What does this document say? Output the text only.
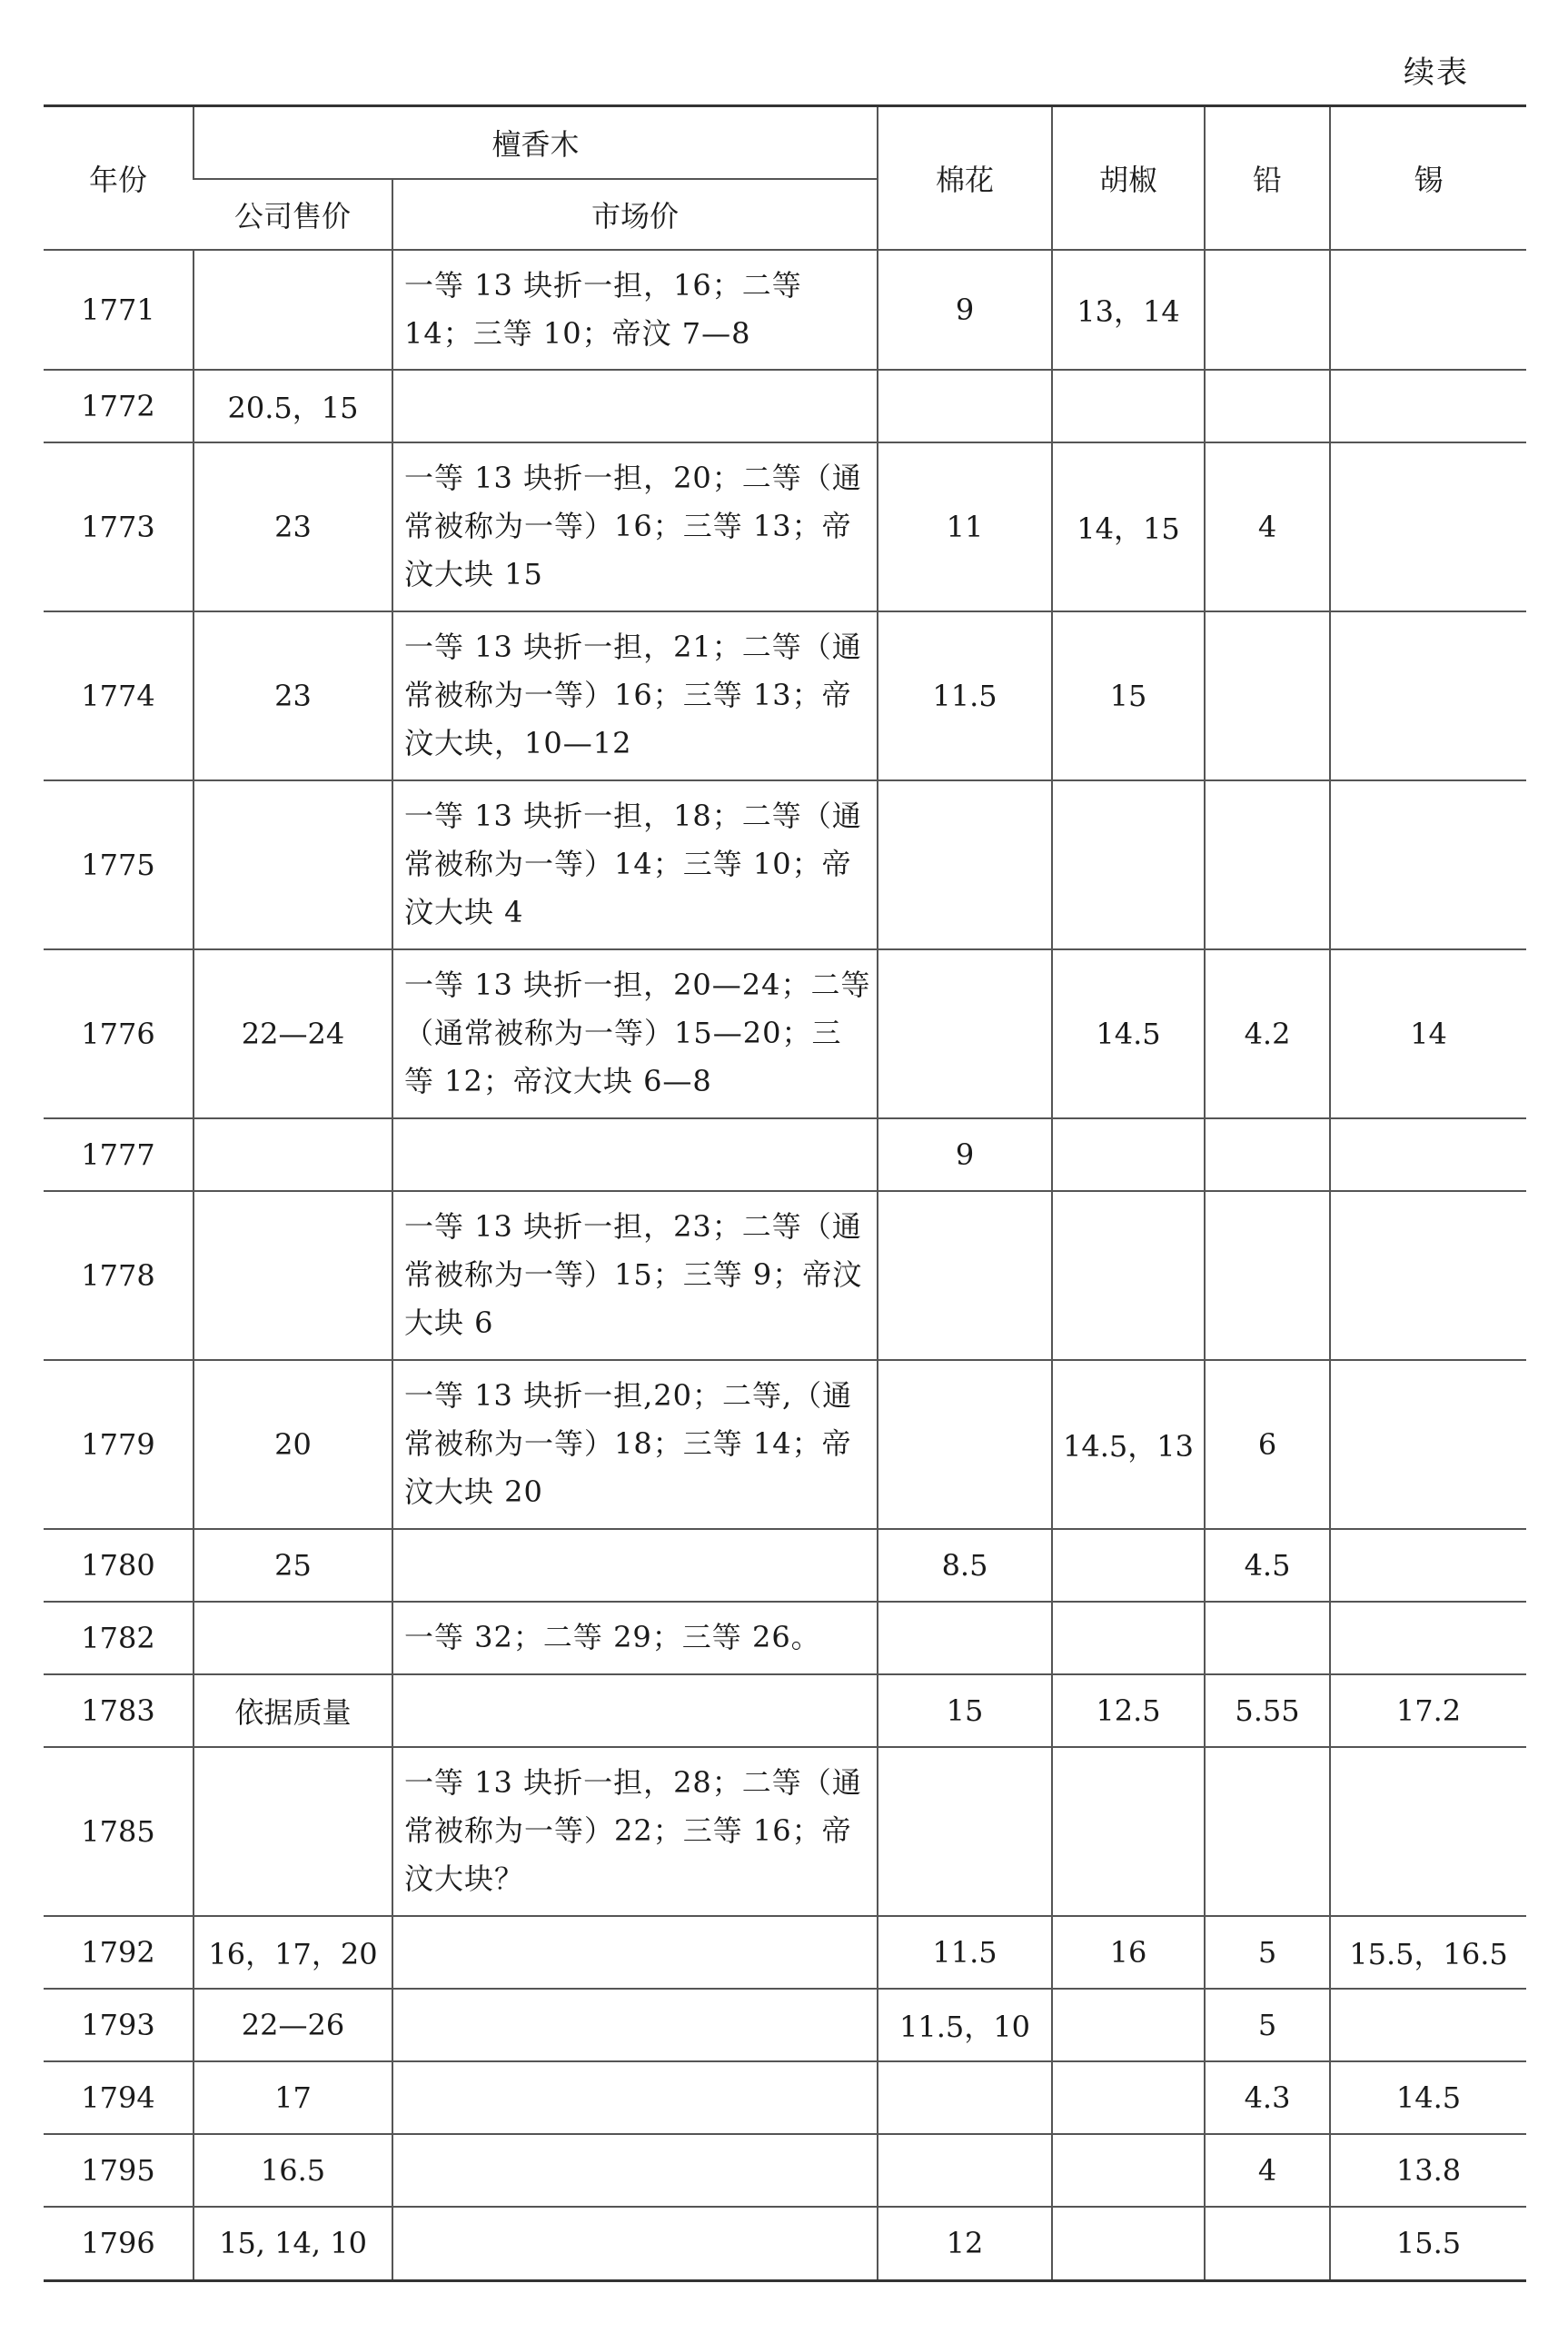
续表
年份	檀香木		棉花	胡椒	铅	锡
	公司售价	市场价				
1771		一等 13 块折一担，16；二等 14；三等 10；帝汶 7—8	9	13，14		
1772	20.5，15					
1773	23	一等 13 块折一担，20；二等（通常被称为一等）16；三等 13；帝汶大块 15	11	14，15	4	
1774	23	一等 13 块折一担，21；二等（通常被称为一等）16；三等 13；帝汶大块，10—12	11.5	15		
1775		一等 13 块折一担，18；二等（通常被称为一等）14；三等 10；帝汶大块 4				
1776	22—24	一等 13 块折一担，20—24；二等（通常被称为一等）15—20；三等 12；帝汶大块 6—8		14.5	4.2	14
1777			9			
1778		一等 13 块折一担，23；二等（通常被称为一等）15；三等 9；帝汶大块 6				
1779	20	一等 13 块折一担,20；二等,（通常被称为一等）18；三等 14；帝汶大块 20		14.5，13	6	
1780	25		8.5		4.5	
1782		一等 32；二等 29；三等 26。				
1783	依据质量		15	12.5	5.55	17.2
1785		一等 13 块折一担，28；二等（通常被称为一等）22；三等 16；帝汶大块？				
1792	16，17，20		11.5	16	5	15.5，16.5
1793	22—26		11.5，10		5	
1794	17				4.3	14.5
1795	16.5				4	13.8
1796	15, 14, 10		12			15.5
